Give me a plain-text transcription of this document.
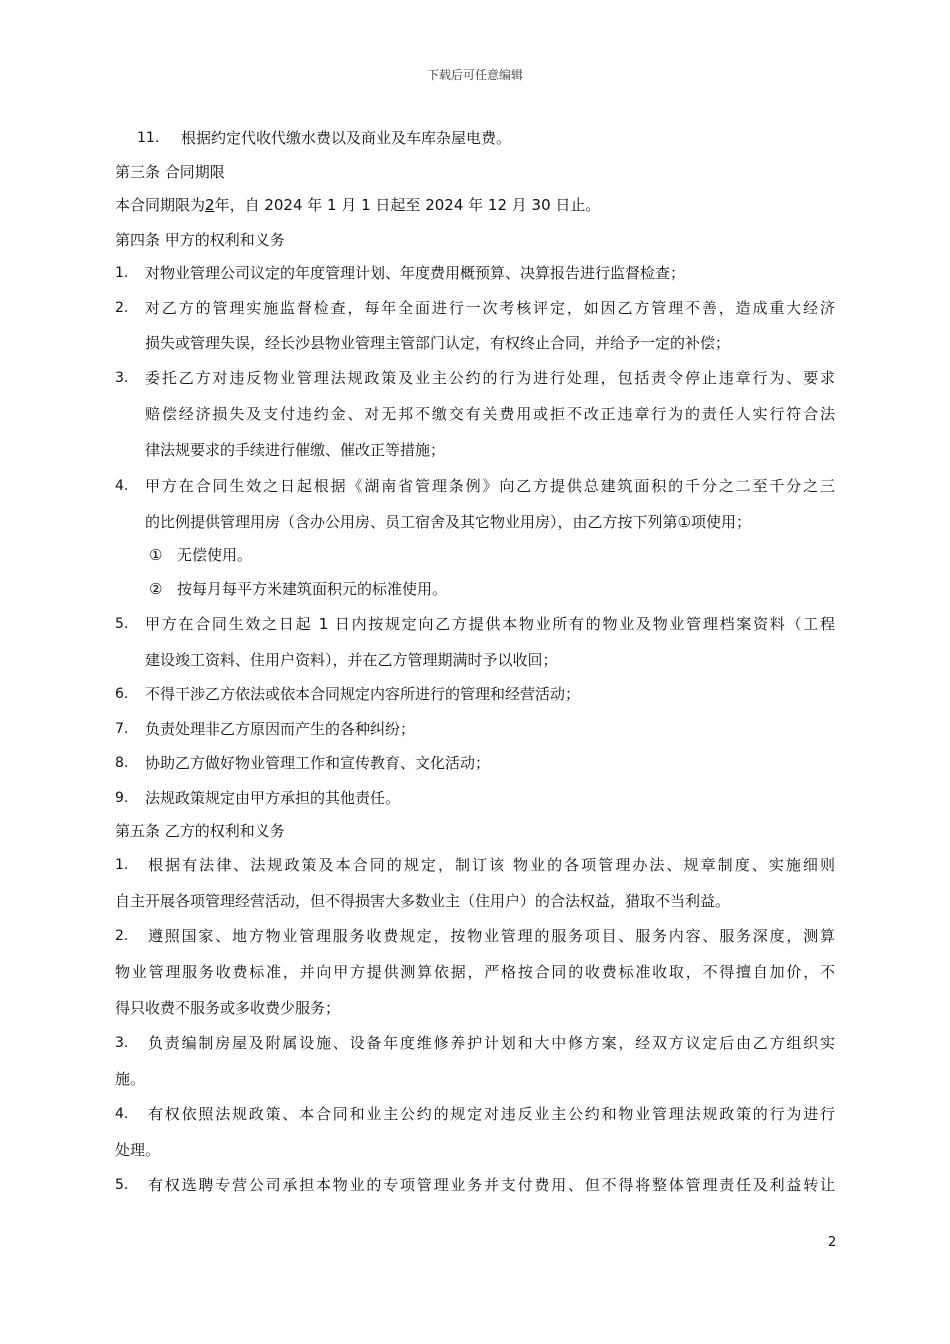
下载后可任意编辑
11. 根据约定代收代缴水费以及商业及车库杂屋电费。
第三条 合同期限
本合同期限为2年，自 2024 年 1 月 1 日起至 2024 年 12 月 30 日止。
第四条 甲方的权利和义务
1. 对物业管理公司议定的年度管理计划、年度费用概预算、决算报告进行监督检查；
2. 对乙方的管理实施监督检查，每年全面进行一次考核评定，如因乙方管理不善，造成重大经济
损失或管理失误，经长沙县物业管理主管部门认定，有权终止合同，并给予一定的补偿；
3. 委托乙方对违反物业管理法规政策及业主公约的行为进行处理，包括责令停止违章行为、要求
赔偿经济损失及支付违约金、对无邦不缴交有关费用或拒不改正违章行为的责任人实行符合法
律法规要求的手续进行催缴、催改正等措施；
4. 甲方在合同生效之日起根据《湖南省管理条例》向乙方提供总建筑面积的千分之二至千分之三
的比例提供管理用房（含办公用房、员工宿舍及其它物业用房），由乙方按下列第①项使用；
① 无偿使用。
② 按每月每平方米建筑面积元的标准使用。
5. 甲方在合同生效之日起 1 日内按规定向乙方提供本物业所有的物业及物业管理档案资料（工程
建设竣工资料、住用户资料），并在乙方管理期满时予以收回；
6. 不得干涉乙方依法或依本合同规定内容所进行的管理和经营活动；
7. 负责处理非乙方原因而产生的各种纠纷；
8. 协助乙方做好物业管理工作和宣传教育、文化活动；
9. 法规政策规定由甲方承担的其他责任。
第五条 乙方的权利和义务
1. 根据有法律、法规政策及本合同的规定，制订该 物业的各项管理办法、规章制度、实施细则
自主开展各项管理经营活动，但不得损害大多数业主（住用户）的合法权益，猎取不当利益。
2. 遵照国家、地方物业管理服务收费规定，按物业管理的服务项目、服务内容、服务深度，测算
物业管理服务收费标准，并向甲方提供测算依据，严格按合同的收费标准收取，不得擅自加价，不
得只收费不服务或多收费少服务；
3. 负责编制房屋及附属设施、设备年度维修养护计划和大中修方案，经双方议定后由乙方组织实
施。
4. 有权依照法规政策、本合同和业主公约的规定对违反业主公约和物业管理法规政策的行为进行
处理。
5. 有权选聘专营公司承担本物业的专项管理业务并支付费用、但不得将整体管理责任及利益转让
2
